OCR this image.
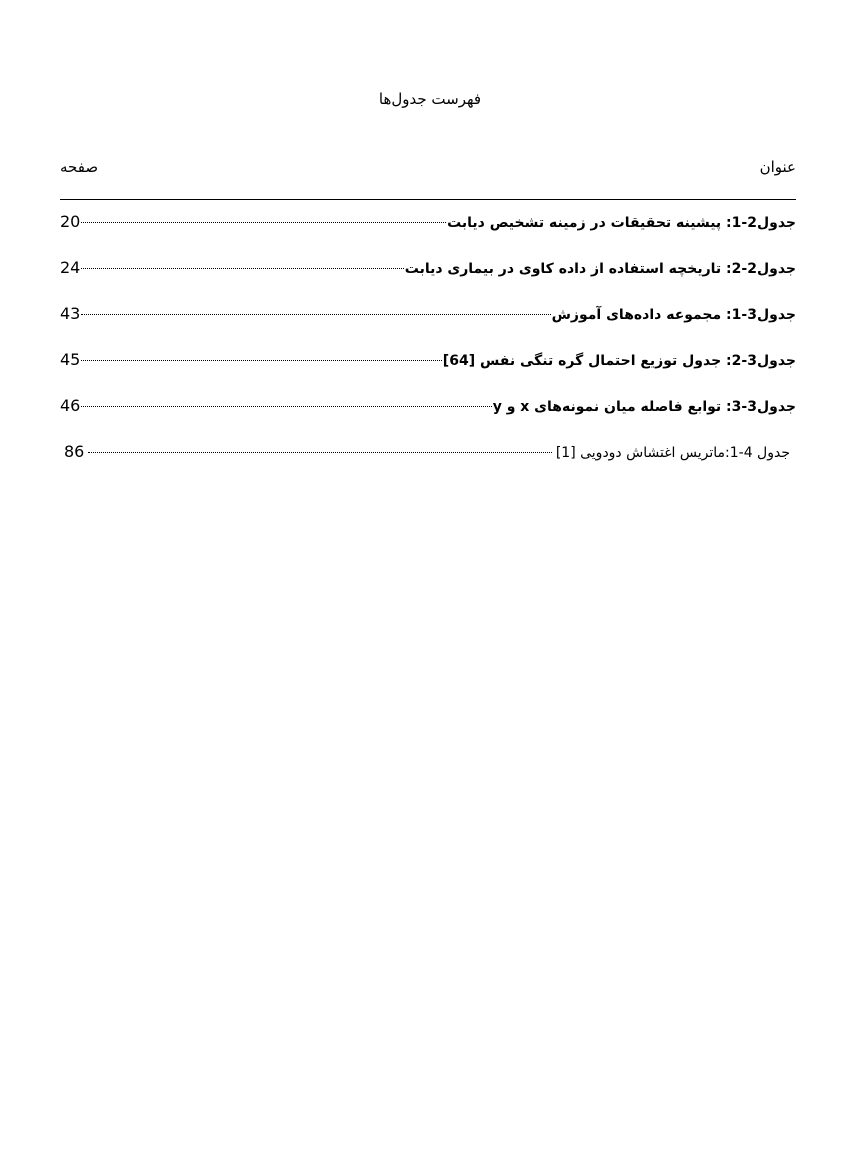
فهرست جدول‌ها
عنوان
صفحه
جدول2-1: پیشینه تحقیقات در زمینه تشخیص دیابت
20
جدول2-2: تاریخچه استفاده از داده کاوی در بیماری دیابت
24
جدول3-1: مجموعه داده‌های آموزش
43
جدول3-2: جدول توزیع احتمال گره تنگی نفس [64]
45
جدول3-3: توابع فاصله میان نمونه‌های x و y
46
جدول 4-1:ماتریس اغتشاش دودویی [1]
86
